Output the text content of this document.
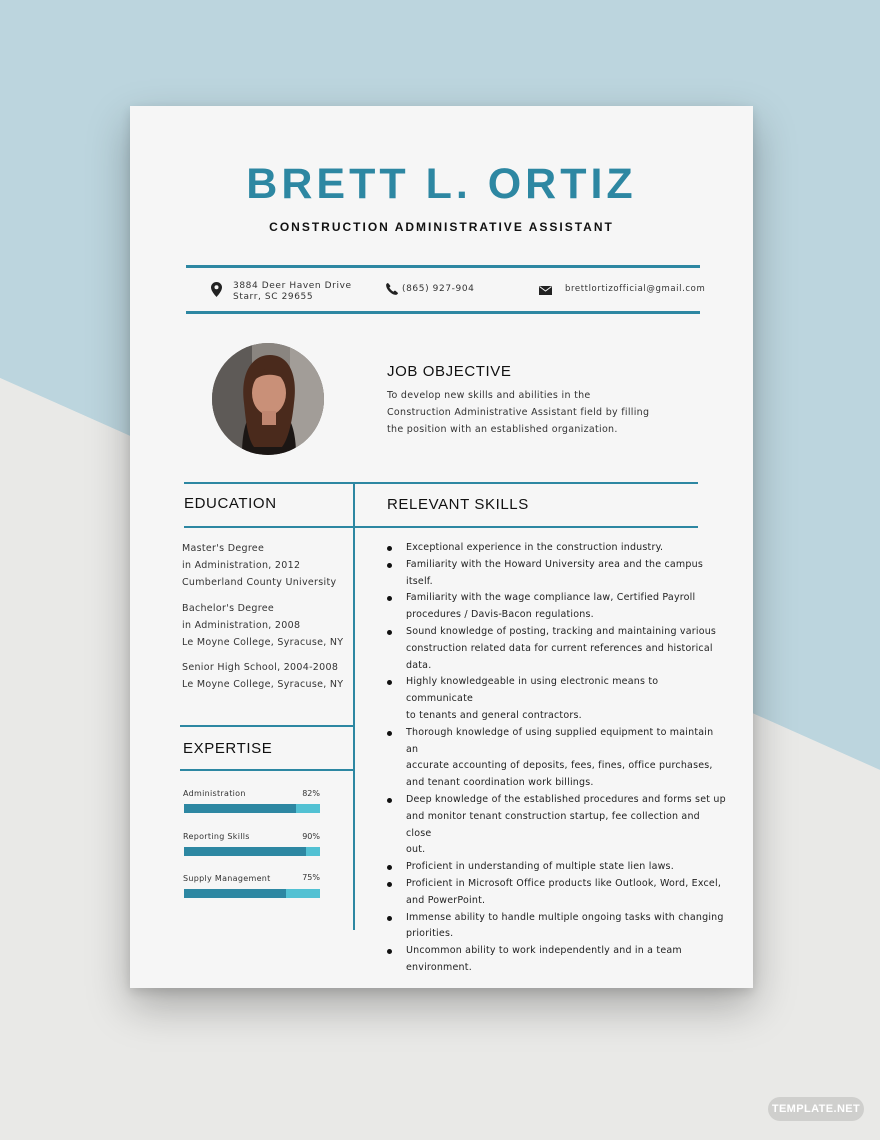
BRETT L. ORTIZ
CONSTRUCTION ADMINISTRATIVE ASSISTANT
3884 Deer Haven Drive
Starr, SC 29655
(865) 927-904	brettlortizofficial@gmail.com
JOB OBJECTIVE
To develop new skills and abilities in the
Construction Administrative Assistant field by filling
the position with an established organization.
EDUCATION
Master's Degree
in Administration, 2012
Cumberland County University
Bachelor's Degree
in Administration, 2008
Le Moyne College, Syracuse, NY
Senior High School, 2004-2008
Le Moyne College, Syracuse, NY
EXPERTISE
Administration	82%
Reporting Skills	90%
Supply Management	75%
RELEVANT SKILLS
Exceptional experience in the construction industry.
Familiarity with the Howard University area and the campus itself.
Familiarity with the wage compliance law, Certified Payroll
procedures / Davis-Bacon regulations.
Sound knowledge of posting, tracking and maintaining various
construction related data for current references and historical
data.
Highly knowledgeable in using electronic means to communicate
to tenants and general contractors.
Thorough knowledge of using supplied equipment to maintain an
accurate accounting of deposits, fees, fines, office purchases,
and tenant coordination work billings.
Deep knowledge of the established procedures and forms set up
and monitor tenant construction startup, fee collection and close
out.
Proficient in understanding of multiple state lien laws.
Proficient in Microsoft Office products like Outlook, Word, Excel,
and PowerPoint.
Immense ability to handle multiple ongoing tasks with changing
priorities.
Uncommon ability to work independently and in a team
environment.
TEMPLATE.NET
